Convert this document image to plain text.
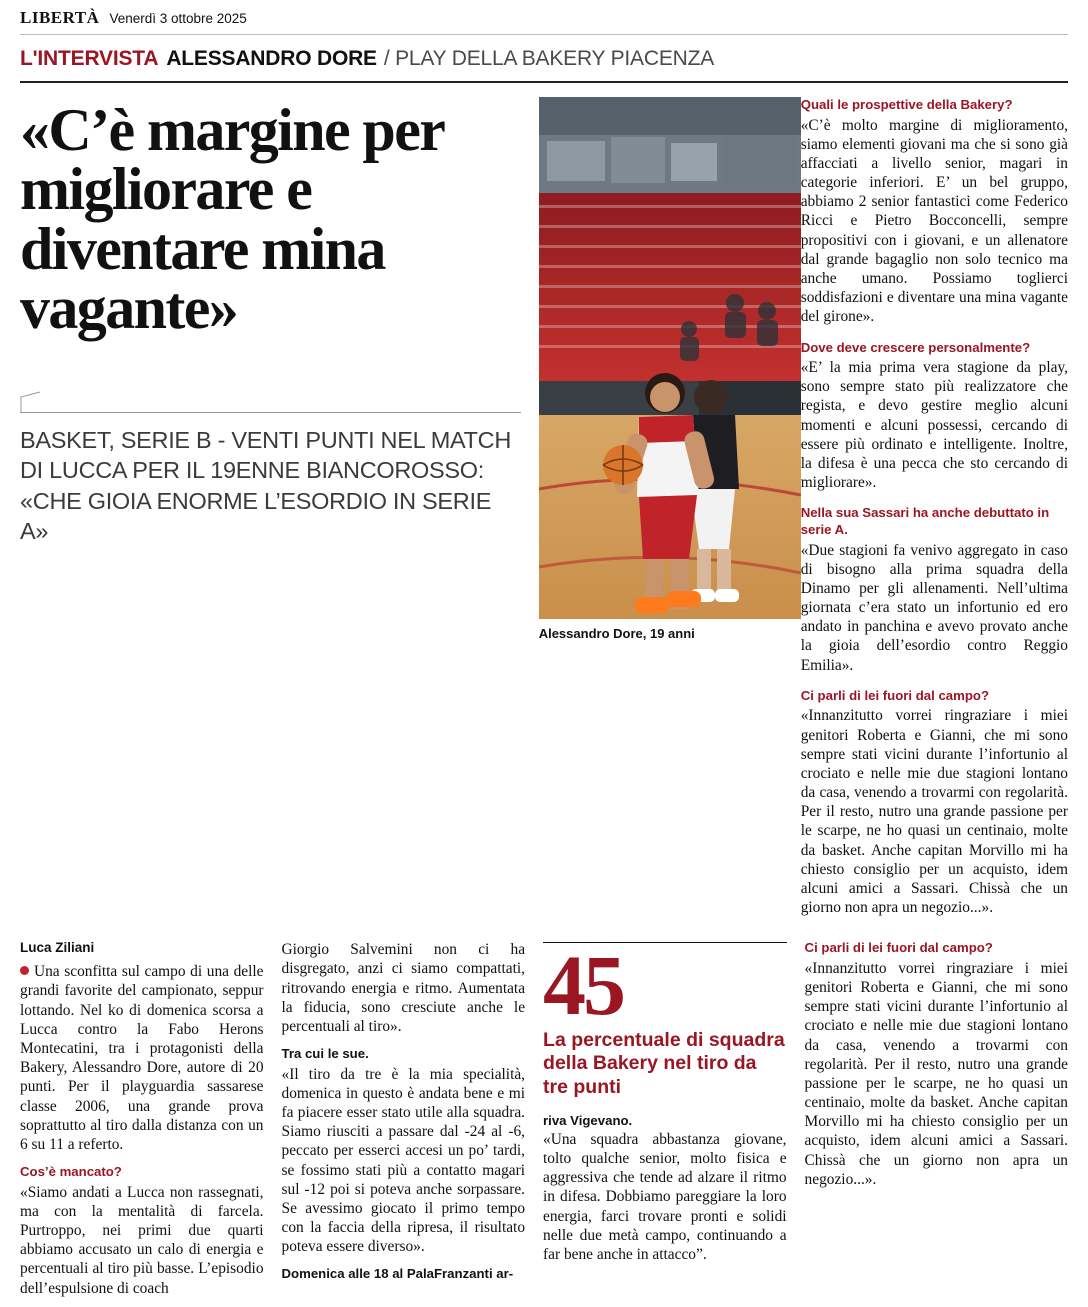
LIBERTÀ Venerdì 3 ottobre 2025
L'INTERVISTA ALESSANDRO DORE / PLAY DELLA BAKERY PIACENZA
«C’è margine per migliorare e diventare mina vagante»
BASKET, SERIE B - VENTI PUNTI NEL MATCH DI LUCCA PER IL 19ENNE BIANCOROSSO: «CHE GIOIA ENORME L’ESORDIO IN SERIE A»
Alessandro Dore, 19 anni
Quali le prospettive della Bakery?
«C’è molto margine di miglioramento, siamo elementi giovani ma che si sono già affacciati a livello senior, magari in categorie inferiori. E’ un bel gruppo, abbiamo 2 senior fantastici come Federico Ricci e Pietro Bocconcelli, sempre propositivi con i giovani, e un allenatore dal grande bagaglio non solo tecnico ma anche umano. Possiamo toglierci soddisfazioni e diventare una mina vagante del girone».
Dove deve crescere personalmente?
«E’ la mia prima vera stagione da play, sono sempre stato più realizzatore che regista, e devo gestire meglio alcuni momenti e alcuni possessi, cercando di essere più ordinato e intelligente. Inoltre, la difesa è una pecca che sto cercando di migliorare».
Nella sua Sassari ha anche debuttato in serie A.
«Due stagioni fa venivo aggregato in caso di bisogno alla prima squadra della Dinamo per gli allenamenti. Nell’ultima giornata c’era stato un infortunio ed ero andato in panchina e avevo provato anche la gioia dell’esordio contro Reggio Emilia».
Ci parli di lei fuori dal campo?
«Innanzitutto vorrei ringraziare i miei genitori Roberta e Gianni, che mi sono sempre stati vicini durante l’infortunio al crociato e nelle mie due stagioni lontano da casa, venendo a trovarmi con regolarità. Per il resto, nutro una grande passione per le scarpe, ne ho quasi un centinaio, molte da basket. Anche capitan Morvillo mi ha chiesto consiglio per un acquisto, idem alcuni amici a Sassari. Chissà che un giorno non apra un negozio...».
Luca Ziliani

Una sconfitta sul campo di una delle grandi favorite del campionato, seppur lottando. Nel ko di domenica scorsa a Lucca contro la Fabo Herons Montecatini, tra i protagonisti della Bakery, Alessandro Dore, autore di 20 punti. Per il playguardia sassarese classe 2006, una grande prova soprattutto al tiro dalla distanza con un 6 su 11 a referto.

Cos’è mancato?

«Siamo andati a Lucca non rassegnati, ma con la mentalità di farcela. Purtroppo, nei primi due quarti abbiamo accusato un calo di energia e percentuali al tiro più basse. L’episodio dell’espulsione di coach

Giorgio Salvemini non ci ha disgregato, anzi ci siamo compattati, ritrovando energia e ritmo. Aumentata la fiducia, sono cresciute anche le percentuali al tiro».

Tra cui le sue.

«Il tiro da tre è la mia specialità, domenica in questo è andata bene e mi fa piacere esser stato utile alla squadra. Siamo riusciti a passare dal -24 al -6, peccato per esserci accesi un po’ tardi, se fossimo stati più a contatto magari sul -12 poi si poteva anche sorpassare. Se avessimo giocato il primo tempo con la faccia della ripresa, il risultato poteva essere diverso».

Domenica alle 18 al PalaFranzanti ar-
45
La percentuale di squadra della Bakery nel tiro da tre punti
riva Vigevano.

«Una squadra abbastanza giovane, tolto qualche senior, molto fisica e aggressiva che tende ad alzare il ritmo in difesa. Dobbiamo pareggiare la loro energia, farci trovare pronti e solidi nelle due metà campo, continuando a far bene anche in attacco”.

Ci parli di lei fuori dal campo?
«Innanzitutto vorrei ringraziare i miei genitori Roberta e Gianni, che mi sono sempre stati vicini durante l’infortunio al crociato e nelle mie due stagioni lontano da casa, venendo a trovarmi con regolarità. Per il resto, nutro una grande passione per le scarpe, ne ho quasi un centinaio, molte da basket. Anche capitan Morvillo mi ha chiesto consiglio per un acquisto, idem alcuni amici a Sassari. Chissà che un giorno non apra un negozio...».
